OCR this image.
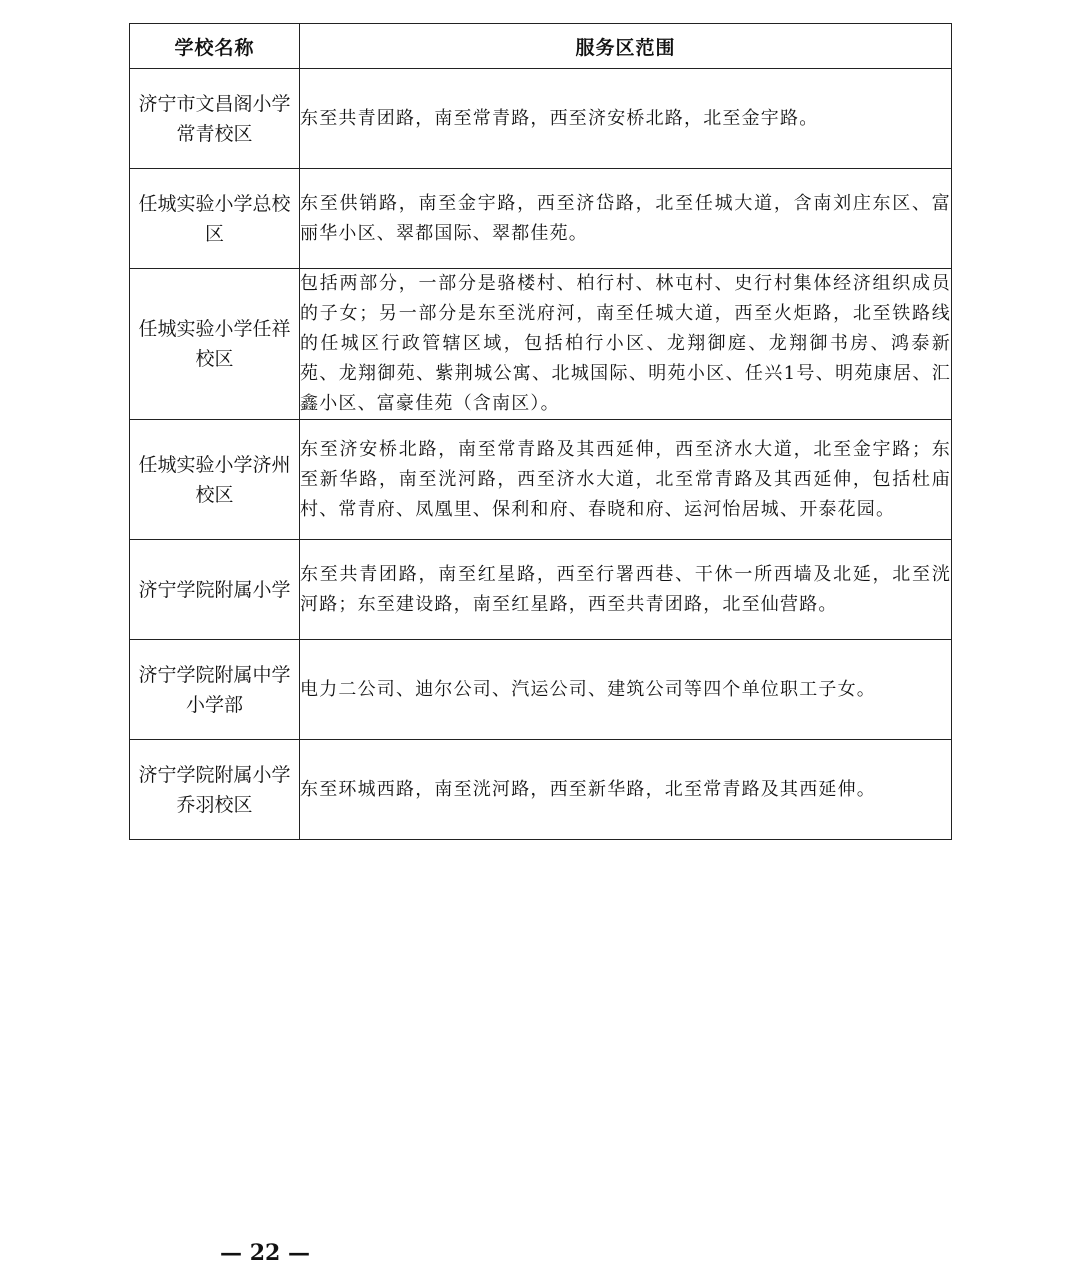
学校名称	服务区范围
济宁市文昌阁小学常青校区	东至共青团路，南至常青路，西至济安桥北路，北至金宇路。
任城实验小学总校区	东至供销路，南至金宇路，西至济岱路，北至任城大道，含南刘庄东区、富丽华小区、翠都国际、翠都佳苑。
任城实验小学任祥校区	包括两部分，一部分是骆楼村、柏行村、林屯村、史行村集体经济组织成员的子女；另一部分是东至洸府河，南至任城大道，西至火炬路，北至铁路线的任城区行政管辖区域，包括柏行小区、龙翔御庭、龙翔御书房、鸿泰新苑、龙翔御苑、紫荆城公寓、北城国际、明苑小区、任兴1号、明苑康居、汇鑫小区、富豪佳苑（含南区）。
任城实验小学济州校区	东至济安桥北路，南至常青路及其西延伸，西至济水大道，北至金宇路；东至新华路，南至洸河路，西至济水大道，北至常青路及其西延伸，包括杜庙村、常青府、凤凰里、保利和府、春晓和府、运河怡居城、开泰花园。
济宁学院附属小学	东至共青团路，南至红星路，西至行署西巷、干休一所西墙及北延，北至洸河路；东至建设路，南至红星路，西至共青团路，北至仙营路。
济宁学院附属中学小学部	电力二公司、迪尔公司、汽运公司、建筑公司等四个单位职工子女。
济宁学院附属小学乔羽校区	东至环城西路，南至洸河路，西至新华路，北至常青路及其西延伸。
— 22 —
